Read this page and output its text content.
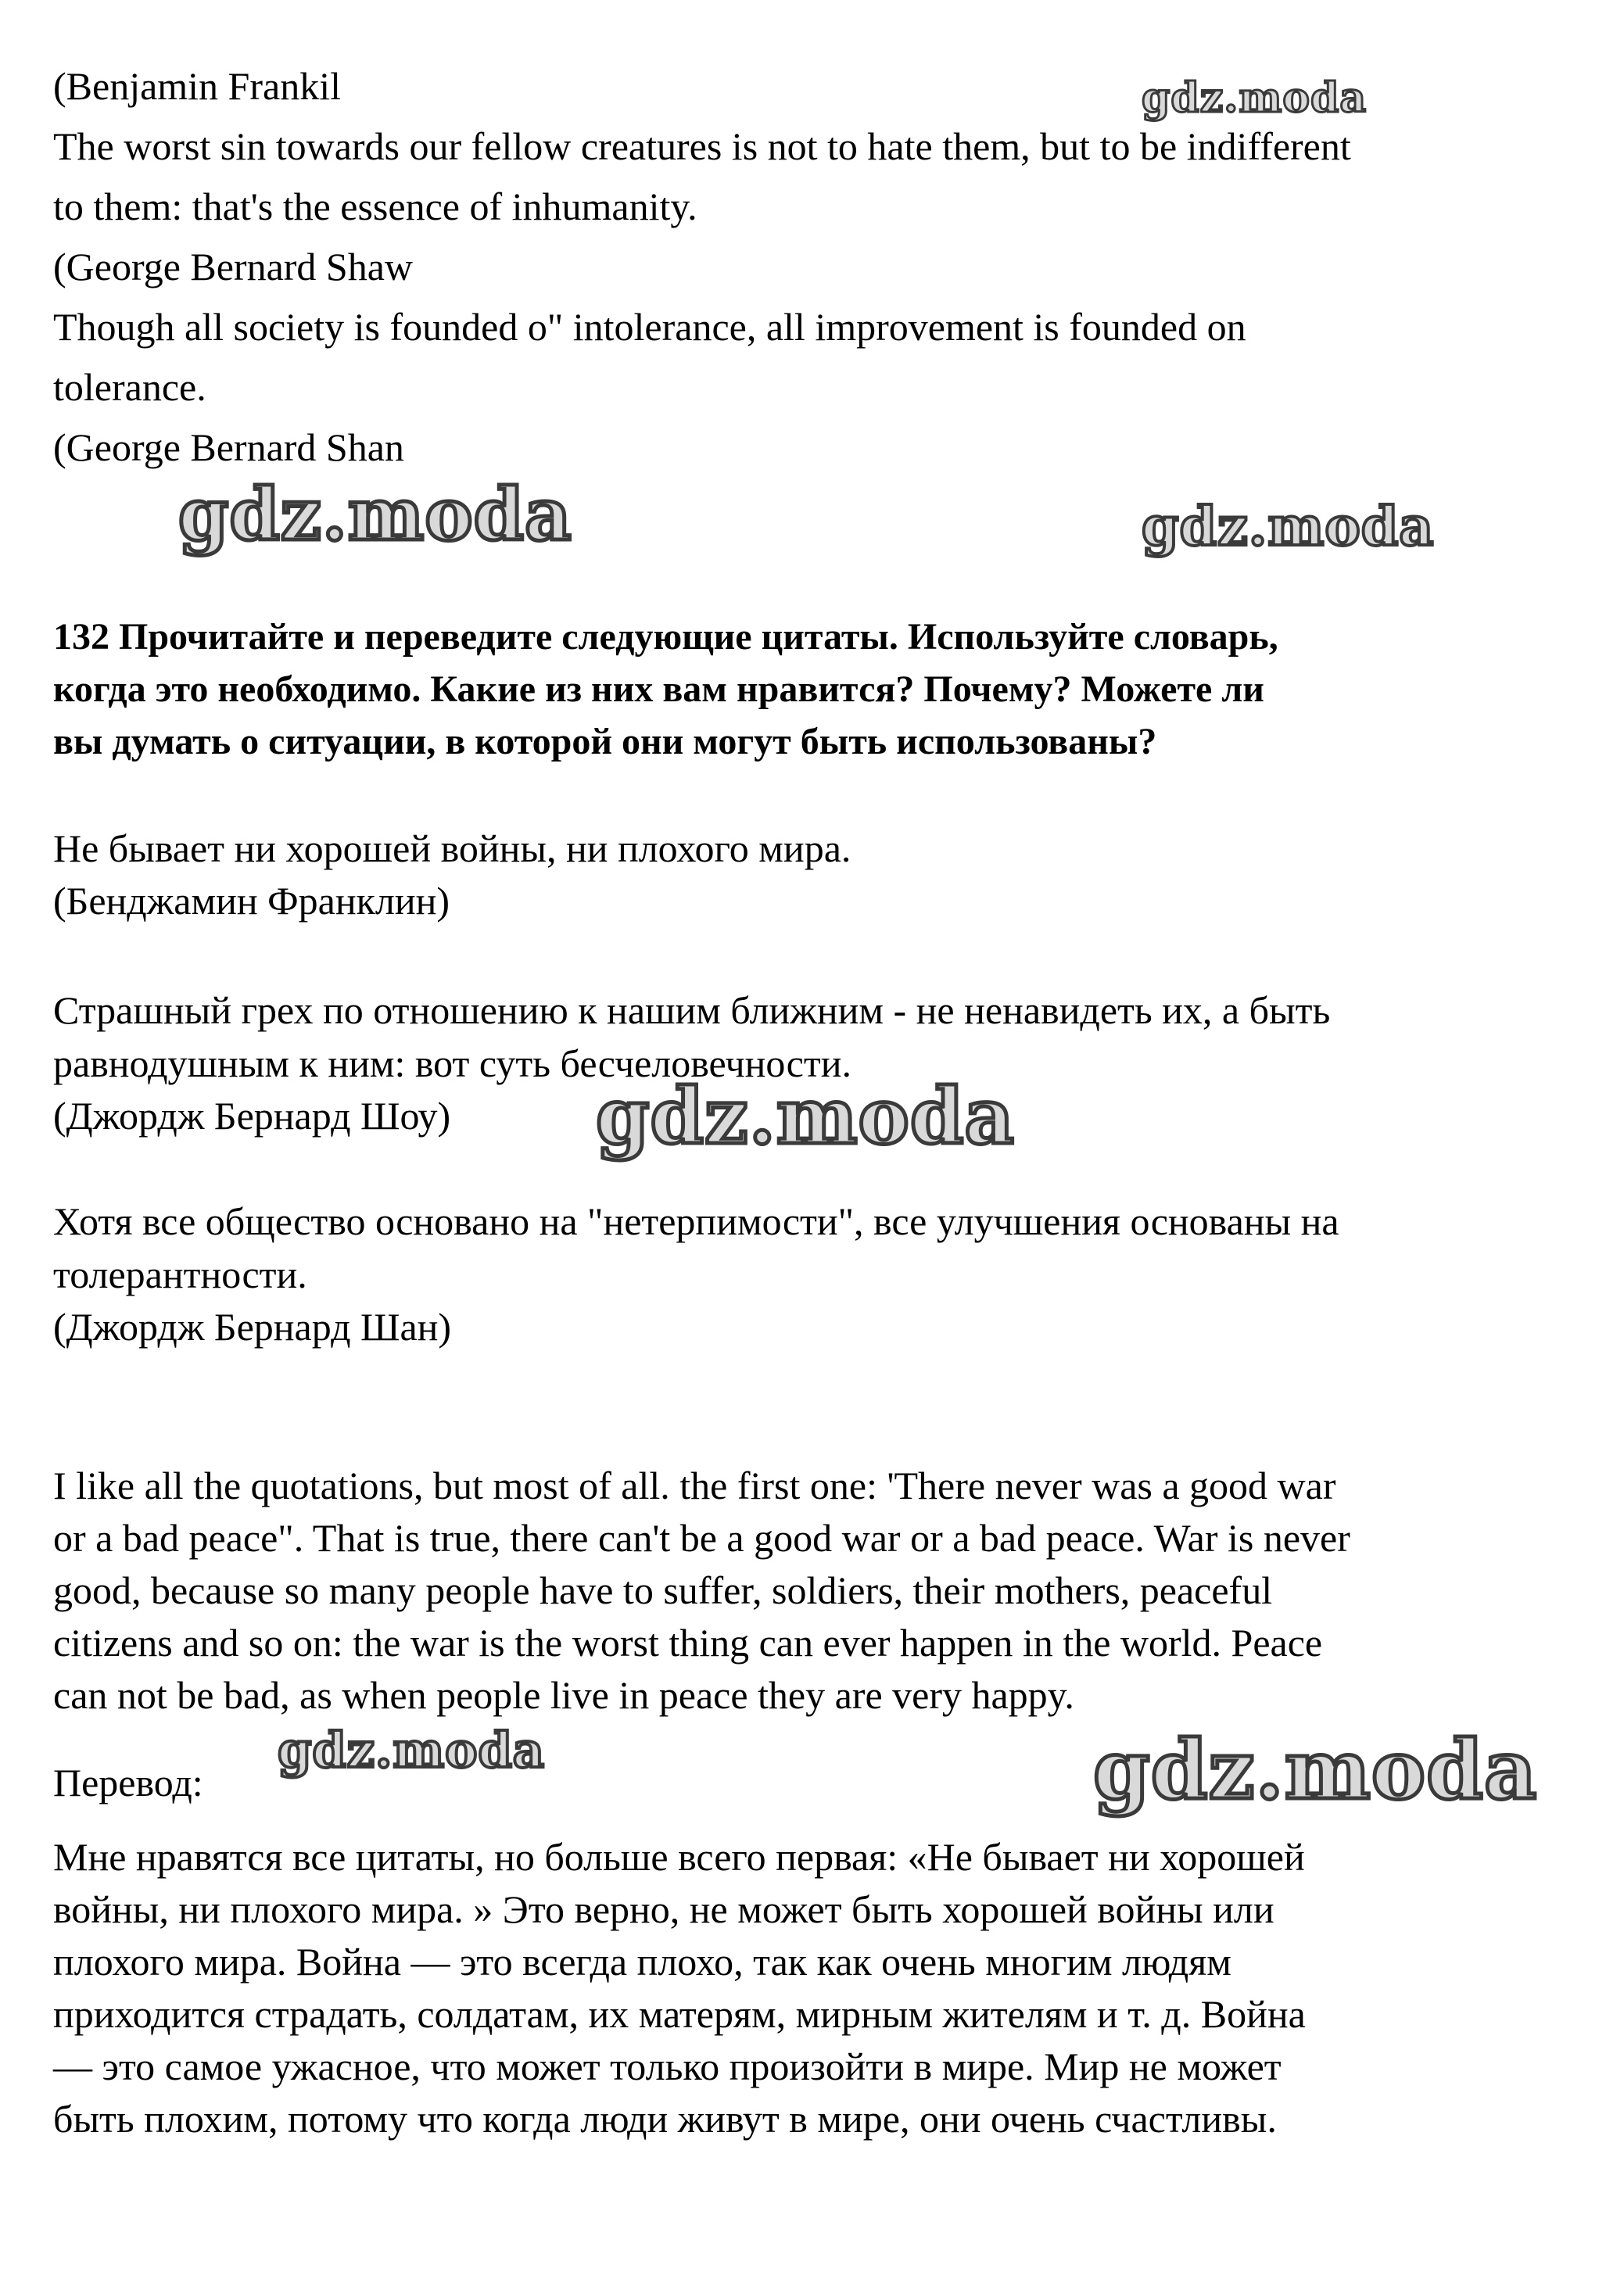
(Benjamin Frankil
The worst sin towards our fellow creatures is not to hate them, but to be indifferent
to them: that's the essence of inhumanity.
(George Bernard Shaw
Though all society is founded o" intolerance, all improvement is founded on
tolerance.
(George Bernard Shan
132 Прочитайте и переведите следующие цитаты. Используйте словарь,
когда это необходимо. Какие из них вам нравится? Почему? Можете ли
вы думать о ситуации, в которой они могут быть использованы?
Не бывает ни хорошей войны, ни плохого мира.
(Бенджамин Франклин)
Страшный грех по отношению к нашим ближним - не ненавидеть их, а быть
равнодушным к ним: вот суть бесчеловечности.
(Джордж Бернард Шоу)
Хотя все общество основано на "нетерпимости", все улучшения основаны на
толерантности.
(Джордж Бернард Шан)
I like all the quotations, but most of all. the first one: 'There never was a good war
or a bad peace". That is true, there can't be a good war or a bad peace. War is never
good, because so many people have to suffer, soldiers, their mothers, peaceful
citizens and so on: the war is the worst thing can ever happen in the world. Peace
can not be bad, as when people live in peace they are very happy.
Перевод:
Мне нравятся все цитаты, но больше всего первая: «Не бывает ни хорошей
войны, ни плохого мира. » Это верно, не может быть хорошей войны или
плохого мира. Война — это всегда плохо, так как очень многим людям
приходится страдать, солдатам, их матерям, мирным жителям и т. д. Война
— это самое ужасное, что может только произойти в мире. Мир не может
быть плохим, потому что когда люди живут в мире, они очень счастливы.
gdz.moda
gdz.moda	gdz.moda
gdz.moda
gdz.moda	gdz.moda
